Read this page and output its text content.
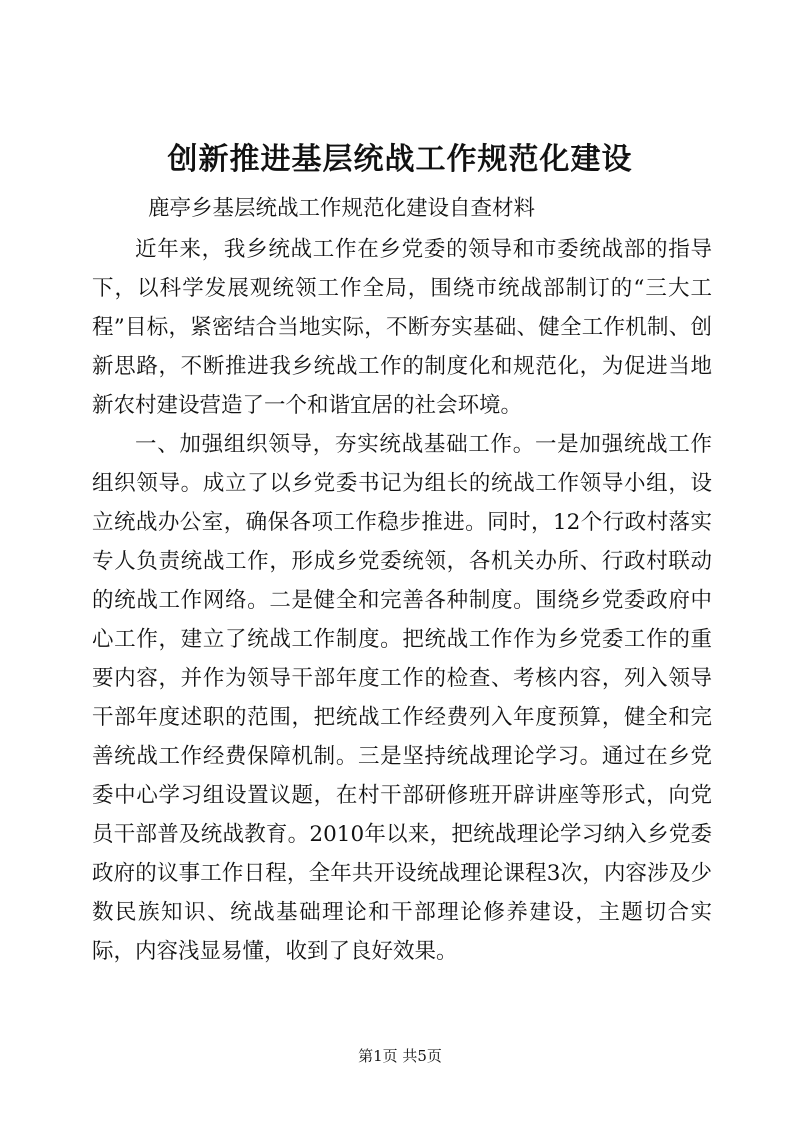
创新推进基层统战工作规范化建设
鹿亭乡基层统战工作规范化建设自查材料

近年来，我乡统战工作在乡党委的领导和市委统战部的指导下，以科学发展观统领工作全局，围绕市统战部制订的“三大工程”目标，紧密结合当地实际，不断夯实基础、健全工作机制、创新思路，不断推进我乡统战工作的制度化和规范化，为促进当地新农村建设营造了一个和谐宜居的社会环境。

一、加强组织领导，夯实统战基础工作。一是加强统战工作组织领导。成立了以乡党委书记为组长的统战工作领导小组，设立统战办公室，确保各项工作稳步推进。同时，12个行政村落实专人负责统战工作，形成乡党委统领，各机关办所、行政村联动的统战工作网络。二是健全和完善各种制度。围绕乡党委政府中心工作，建立了统战工作制度。把统战工作作为乡党委工作的重要内容，并作为领导干部年度工作的检查、考核内容，列入领导干部年度述职的范围，把统战工作经费列入年度预算，健全和完善统战工作经费保障机制。三是坚持统战理论学习。通过在乡党委中心学习组设置议题，在村干部研修班开辟讲座等形式，向党员干部普及统战教育。2010年以来，把统战理论学习纳入乡党委政府的议事工作日程，全年共开设统战理论课程3次，内容涉及少数民族知识、统战基础理论和干部理论修养建设，主题切合实际，内容浅显易懂，收到了良好效果。

第1页 共5页
